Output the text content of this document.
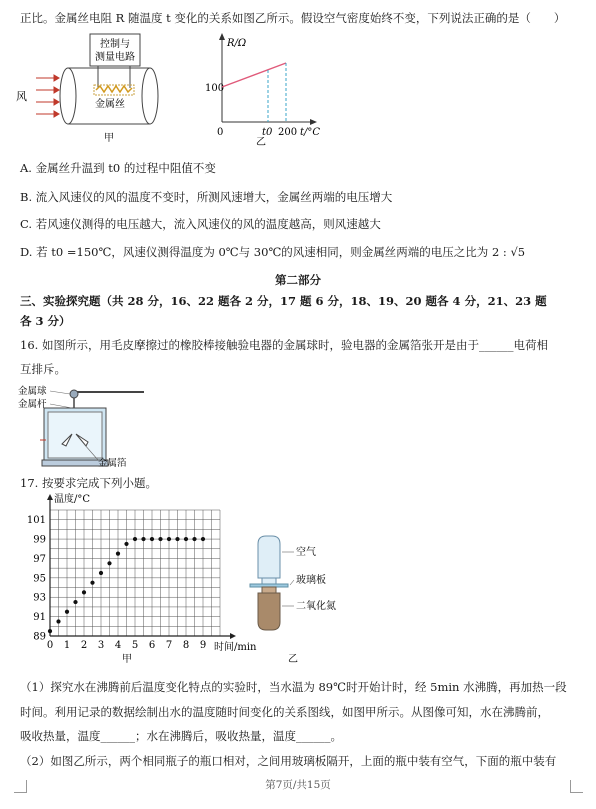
正比。金属丝电阻 R 随温度 t 变化的关系如图乙所示。假设空气密度始终不变，下列说法正确的是（　　）
控制与
测量电路
金属丝
风
甲
R/Ω
100
0	t0 200 t/°C
乙
A. 金属丝升温到 t0 的过程中阻值不变
B. 流入风速仪的风的温度不变时，所测风速增大，金属丝两端的电压增大
C. 若风速仪测得的电压越大，流入风速仪的风的温度越高，则风速越大
D. 若 t0 =150℃，风速仪测得温度为 0℃与 30℃的风速相同，则金属丝两端的电压之比为 2 : √5
第二部分
三、实验探究题（共 28 分，16、22 题各 2 分，17 题 6 分，18、19、20 题各 4 分，21、23 题
各 3 分）
16. 如图所示，用毛皮摩擦过的橡胶棒接触验电器的金属球时，验电器的金属箔张开是由于______电荷相
互排斥。
金属球
金属杆
金属箔
17. 按要求完成下列小题。
0 1 2 3 4 5 6 7 8 9
89
91
93
95
97
99
101
温度/°C
时间/min
甲
空气
玻璃板
二氧化氮
乙
（1）探究水在沸腾前后温度变化特点的实验时，当水温为 89℃时开始计时，经 5min 水沸腾，再加热一段
时间。利用记录的数据绘制出水的温度随时间变化的关系图线，如图甲所示。从图像可知，水在沸腾前，
吸收热量，温度______；水在沸腾后，吸收热量，温度______。
（2）如图乙所示，两个相同瓶子的瓶口相对，之间用玻璃板隔开，上面的瓶中装有空气，下面的瓶中装有
第7页/共15页
